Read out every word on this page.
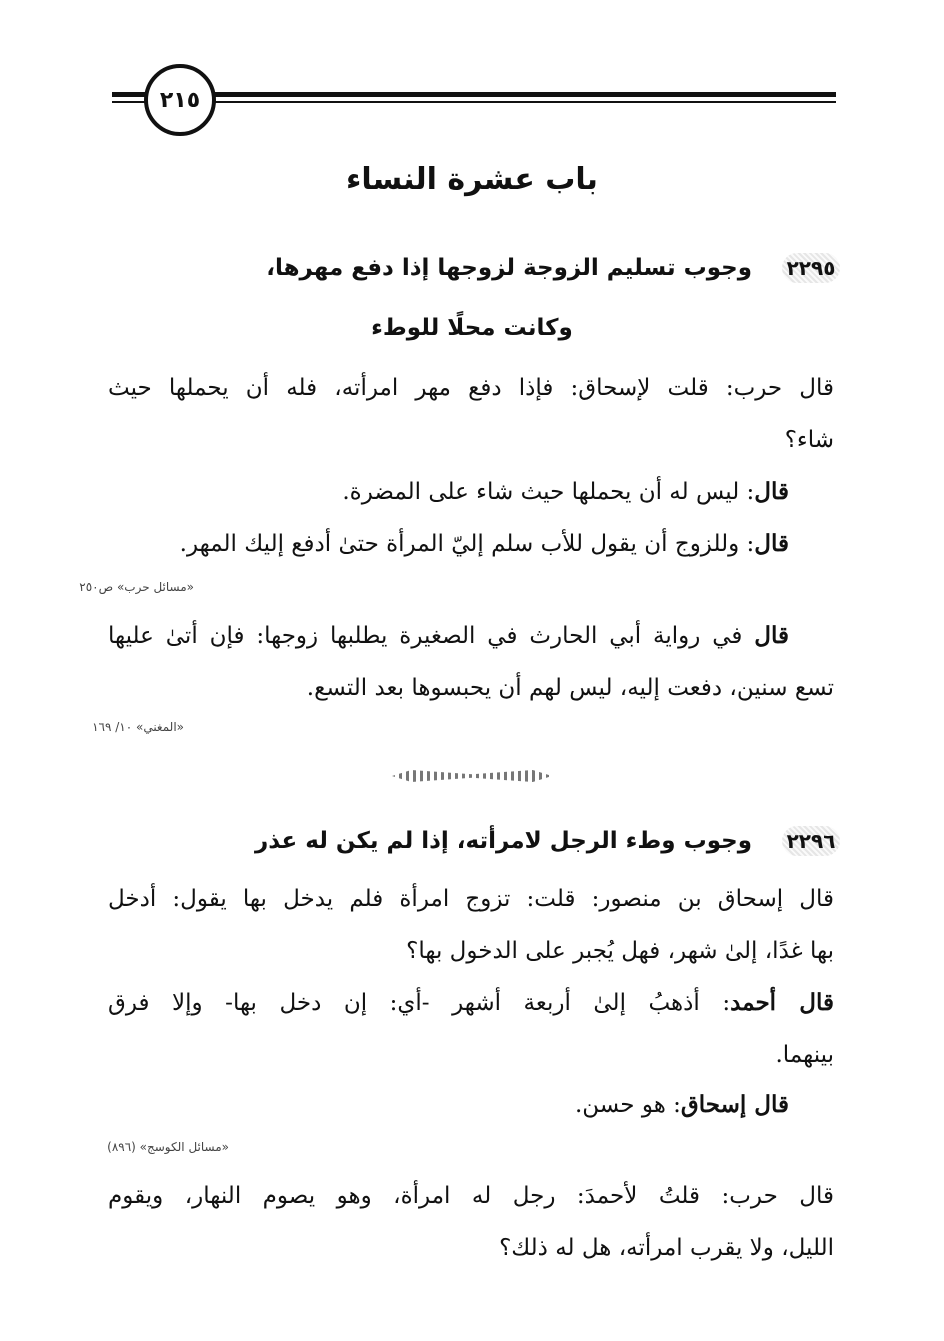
٢١٥
باب عشرة النساء
٢٢٩٥
وجوب تسليم الزوجة لزوجها إذا دفع مهرها،
وكانت محلًا للوطء
قال حرب: قلت لإسحاق: فإذا دفع مهر امرأته، فله أن يحملها حيث
شاء؟
قال: ليس له أن يحملها حيث شاء على المضرة.
قال: وللزوج أن يقول للأب سلم إليّ المرأة حتىٰ أدفع إليك المهر.
«مسائل حرب» ص٢٥٠
قال في رواية أبي الحارث في الصغيرة يطلبها زوجها: فإن أتىٰ عليها
تسع سنين، دفعت إليه، ليس لهم أن يحبسوها بعد التسع.
«المغني» ١٠/ ١٦٩
٢٢٩٦
وجوب وطء الرجل لامرأته، إذا لم يكن له عذر
قال إسحاق بن منصور: قلت: تزوج امرأة فلم يدخل بها يقول: أدخل
بها غدًا، إلىٰ شهر، فهل يُجبر على الدخول بها؟
قال أحمد: أذهبُ إلىٰ أربعة أشهر -أي: إن دخل بها- وإلا فرق
بينهما.
قال إسحاق: هو حسن.
«مسائل الكوسج» (٨٩٦)
قال حرب: قلتُ لأحمدَ: رجل له امرأة، وهو يصوم النهار، ويقوم
الليل، ولا يقرب امرأته، هل له ذلك؟
